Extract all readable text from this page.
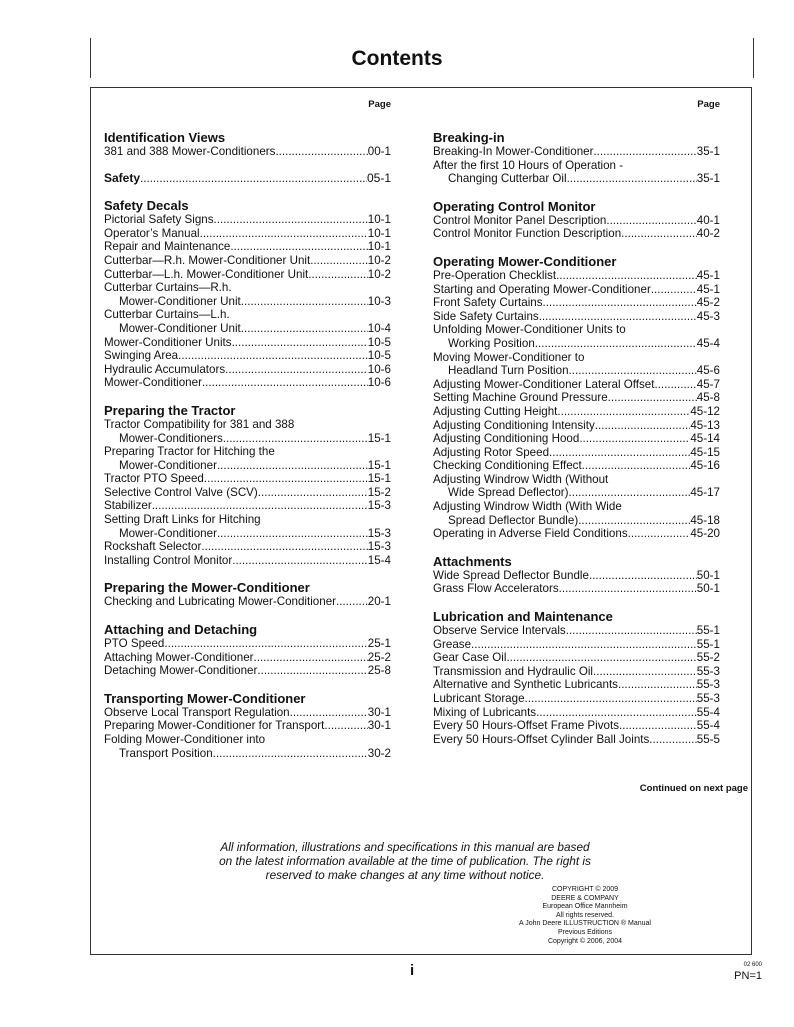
Contents
Page
Identification Views
381 and 388 Mower-Conditioners .....	00-1
Safety .....	05-1
Safety Decals
Pictorial Safety Signs .....	10-1
Operator’s Manual .....	10-1
Repair and Maintenance .....	10-1
Cutterbar—R.h. Mower-Conditioner Unit .....	10-2
Cutterbar—L.h. Mower-Conditioner Unit .....	10-2
Cutterbar Curtains—R.h.
Mower-Conditioner Unit .....	10-3
Cutterbar Curtains—L.h.
Mower-Conditioner Unit .....	10-4
Mower-Conditioner Units .....	10-5
Swinging Area .....	10-5
Hydraulic Accumulators .....	10-6
Mower-Conditioner .....	10-6
Preparing the Tractor
Tractor Compatibility for 381 and 388
Mower-Conditioners .....	15-1
Preparing Tractor for Hitching the
Mower-Conditioner .....	15-1
Tractor PTO Speed .....	15-1
Selective Control Valve (SCV) .....	15-2
Stabilizer .....	15-3
Setting Draft Links for Hitching
Mower-Conditioner .....	15-3
Rockshaft Selector .....	15-3
Installing Control Monitor .....	15-4
Preparing the Mower-Conditioner
Checking and Lubricating Mower-Conditioner .....	20-1
Attaching and Detaching
PTO Speed .....	25-1
Attaching Mower-Conditioner .....	25-2
Detaching Mower-Conditioner .....	25-8
Transporting Mower-Conditioner
Observe Local Transport Regulation .....	30-1
Preparing Mower-Conditioner for Transport .....	30-1
Folding Mower-Conditioner into
Transport Position .....	30-2
Page
Breaking-in
Breaking-In Mower-Conditioner .....	35-1
After the first 10 Hours of Operation -
Changing Cutterbar Oil .....	35-1
Operating Control Monitor
Control Monitor Panel Description .....	40-1
Control Monitor Function Description .....	40-2
Operating Mower-Conditioner
Pre-Operation Checklist .....	45-1
Starting and Operating Mower-Conditioner .....	45-1
Front Safety Curtains .....	45-2
Side Safety Curtains .....	45-3
Unfolding Mower-Conditioner Units to
Working Position .....	45-4
Moving Mower-Conditioner to
Headland Turn Position .....	45-6
Adjusting Mower-Conditioner Lateral Offset .....	45-7
Setting Machine Ground Pressure .....	45-8
Adjusting Cutting Height .....	45-12
Adjusting Conditioning Intensity .....	45-13
Adjusting Conditioning Hood .....	45-14
Adjusting Rotor Speed .....	45-15
Checking Conditioning Effect .....	45-16
Adjusting Windrow Width (Without
Wide Spread Deflector) .....	45-17
Adjusting Windrow Width (With Wide
Spread Deflector Bundle) .....	45-18
Operating in Adverse Field Conditions .....	45-20
Attachments
Wide Spread Deflector Bundle .....	50-1
Grass Flow Accelerators .....	50-1
Lubrication and Maintenance
Observe Service Intervals .....	55-1
Grease .....	55-1
Gear Case Oil .....	55-2
Transmission and Hydraulic Oil .....	55-3
Alternative and Synthetic Lubricants .....	55-3
Lubricant Storage .....	55-3
Mixing of Lubricants .....	55-4
Every 50 Hours-Offset Frame Pivots .....	55-4
Every 50 Hours-Offset Cylinder Ball Joints .....	55-5
Continued on next page
All information, illustrations and specifications in this manual are based
on the latest information available at the time of publication. The right is
reserved to make changes at any time without notice.
COPYRIGHT © 2009
DEERE & COMPANY
European Office Mannheim
All rights reserved.
A John Deere ILLUSTRUCTION ® Manual
Previous Editions
Copyright © 2006, 2004
i	02 600
PN=1
